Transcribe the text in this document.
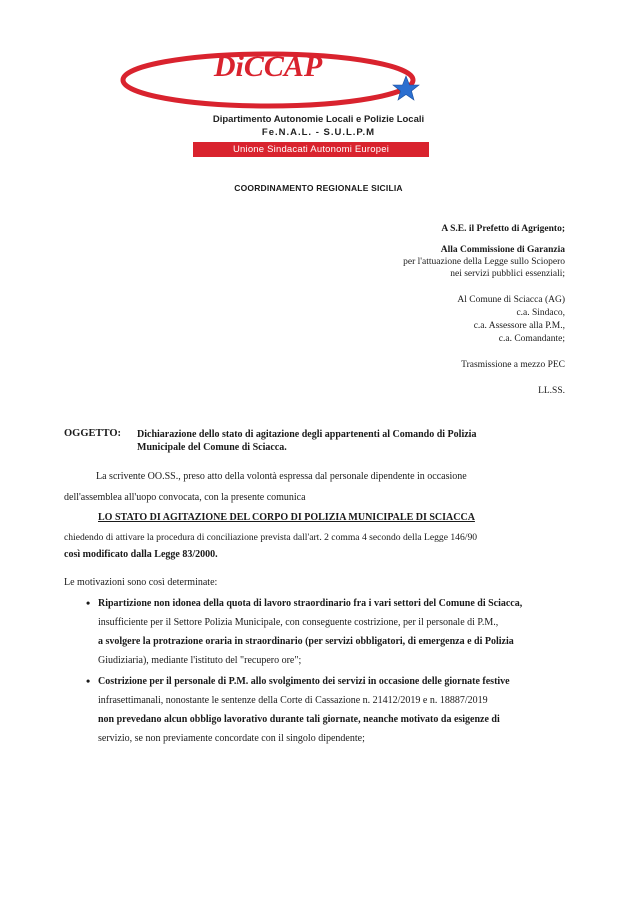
DiCCAP
Dipartimento Autonomie Locali e Polizie Locali
Fe.N.A.L. - S.U.L.P.M
Unione Sindacati Autonomi Europei
COORDINAMENTO REGIONALE SICILIA
A S.E. il Prefetto di Agrigento;
Alla Commissione di Garanzia
per l'attuazione della Legge sullo Sciopero
nei servizi pubblici essenziali;
Al Comune di Sciacca (AG)
c.a. Sindaco,
c.a. Assessore alla P.M.,
c.a. Comandante;
Trasmissione a mezzo PEC
LL.SS.
OGGETTO: Dichiarazione dello stato di agitazione degli appartenenti al Comando di Polizia
Municipale del Comune di Sciacca.
La scrivente OO.SS., preso atto della volontà espressa dal personale dipendente in occasione
dell'assemblea all'uopo convocata, con la presente comunica
LO STATO DI AGITAZIONE DEL CORPO DI POLIZIA MUNICIPALE DI SCIACCA
chiedendo di attivare la procedura di conciliazione prevista dall'art. 2 comma 4 secondo della Legge 146/90
così modificato dalla Legge 83/2000.
Le motivazioni sono così determinate:
• Ripartizione non idonea della quota di lavoro straordinario fra i vari settori del Comune di Sciacca,
insufficiente per il Settore Polizia Municipale, con conseguente costrizione, per il personale di P.M.,
a svolgere la protrazione oraria in straordinario (per servizi obbligatori, di emergenza e di Polizia
Giudiziaria), mediante l'istituto del "recupero ore";
• Costrizione per il personale di P.M. allo svolgimento dei servizi in occasione delle giornate festive
infrasettimanali, nonostante le sentenze della Corte di Cassazione n. 21412/2019 e n. 18887/2019
non prevedano alcun obbligo lavorativo durante tali giornate, neanche motivato da esigenze di
servizio, se non previamente concordate con il singolo dipendente;
